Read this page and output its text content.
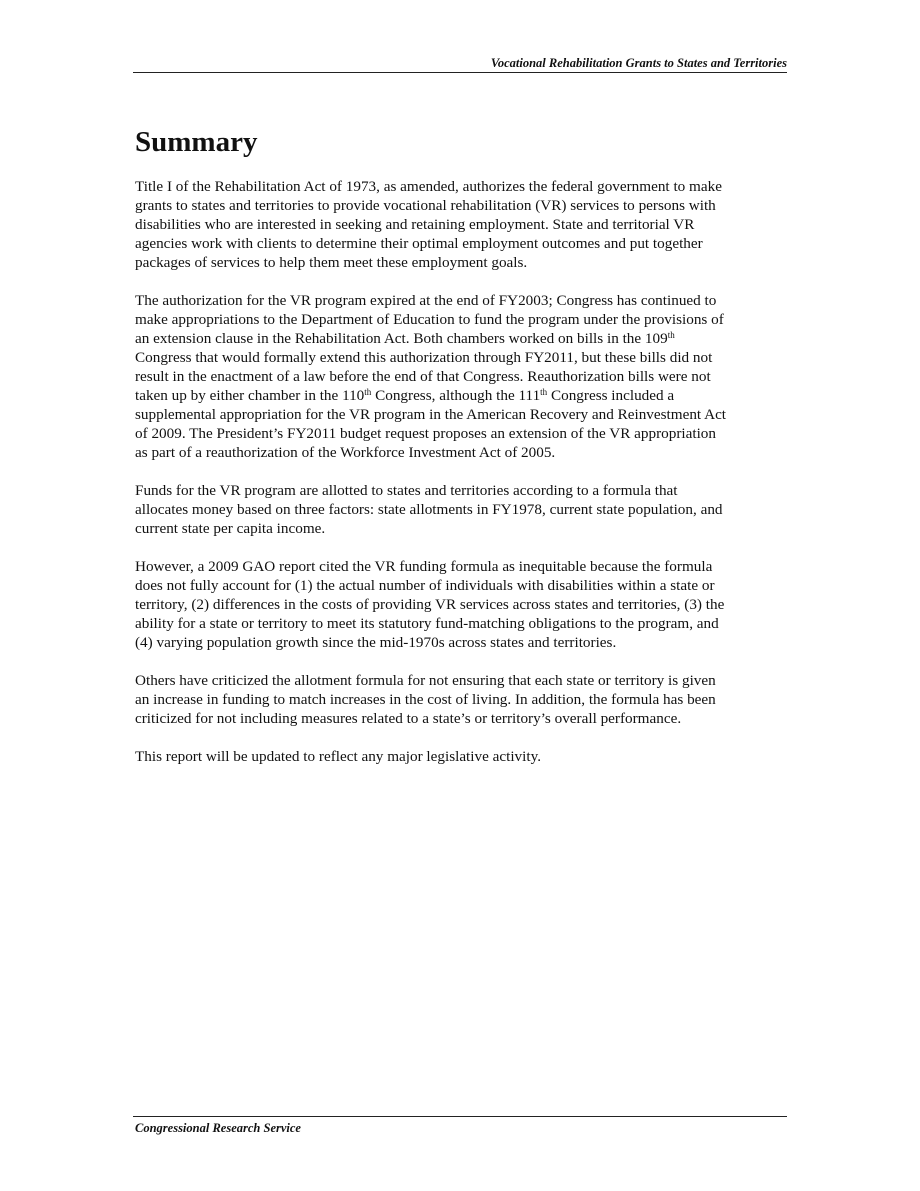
Vocational Rehabilitation Grants to States and Territories
Summary

Title I of the Rehabilitation Act of 1973, as amended, authorizes the federal government to make
grants to states and territories to provide vocational rehabilitation (VR) services to persons with
disabilities who are interested in seeking and retaining employment. State and territorial VR
agencies work with clients to determine their optimal employment outcomes and put together
packages of services to help them meet these employment goals.

The authorization for the VR program expired at the end of FY2003; Congress has continued to
make appropriations to the Department of Education to fund the program under the provisions of
an extension clause in the Rehabilitation Act. Both chambers worked on bills in the 109th
Congress that would formally extend this authorization through FY2011, but these bills did not
result in the enactment of a law before the end of that Congress. Reauthorization bills were not
taken up by either chamber in the 110th Congress, although the 111th Congress included a
supplemental appropriation for the VR program in the American Recovery and Reinvestment Act
of 2009. The President’s FY2011 budget request proposes an extension of the VR appropriation
as part of a reauthorization of the Workforce Investment Act of 2005.

Funds for the VR program are allotted to states and territories according to a formula that
allocates money based on three factors: state allotments in FY1978, current state population, and
current state per capita income.

However, a 2009 GAO report cited the VR funding formula as inequitable because the formula
does not fully account for (1) the actual number of individuals with disabilities within a state or
territory, (2) differences in the costs of providing VR services across states and territories, (3) the
ability for a state or territory to meet its statutory fund-matching obligations to the program, and
(4) varying population growth since the mid-1970s across states and territories.

Others have criticized the allotment formula for not ensuring that each state or territory is given
an increase in funding to match increases in the cost of living. In addition, the formula has been
criticized for not including measures related to a state’s or territory’s overall performance.

This report will be updated to reflect any major legislative activity.

Congressional Research Service
